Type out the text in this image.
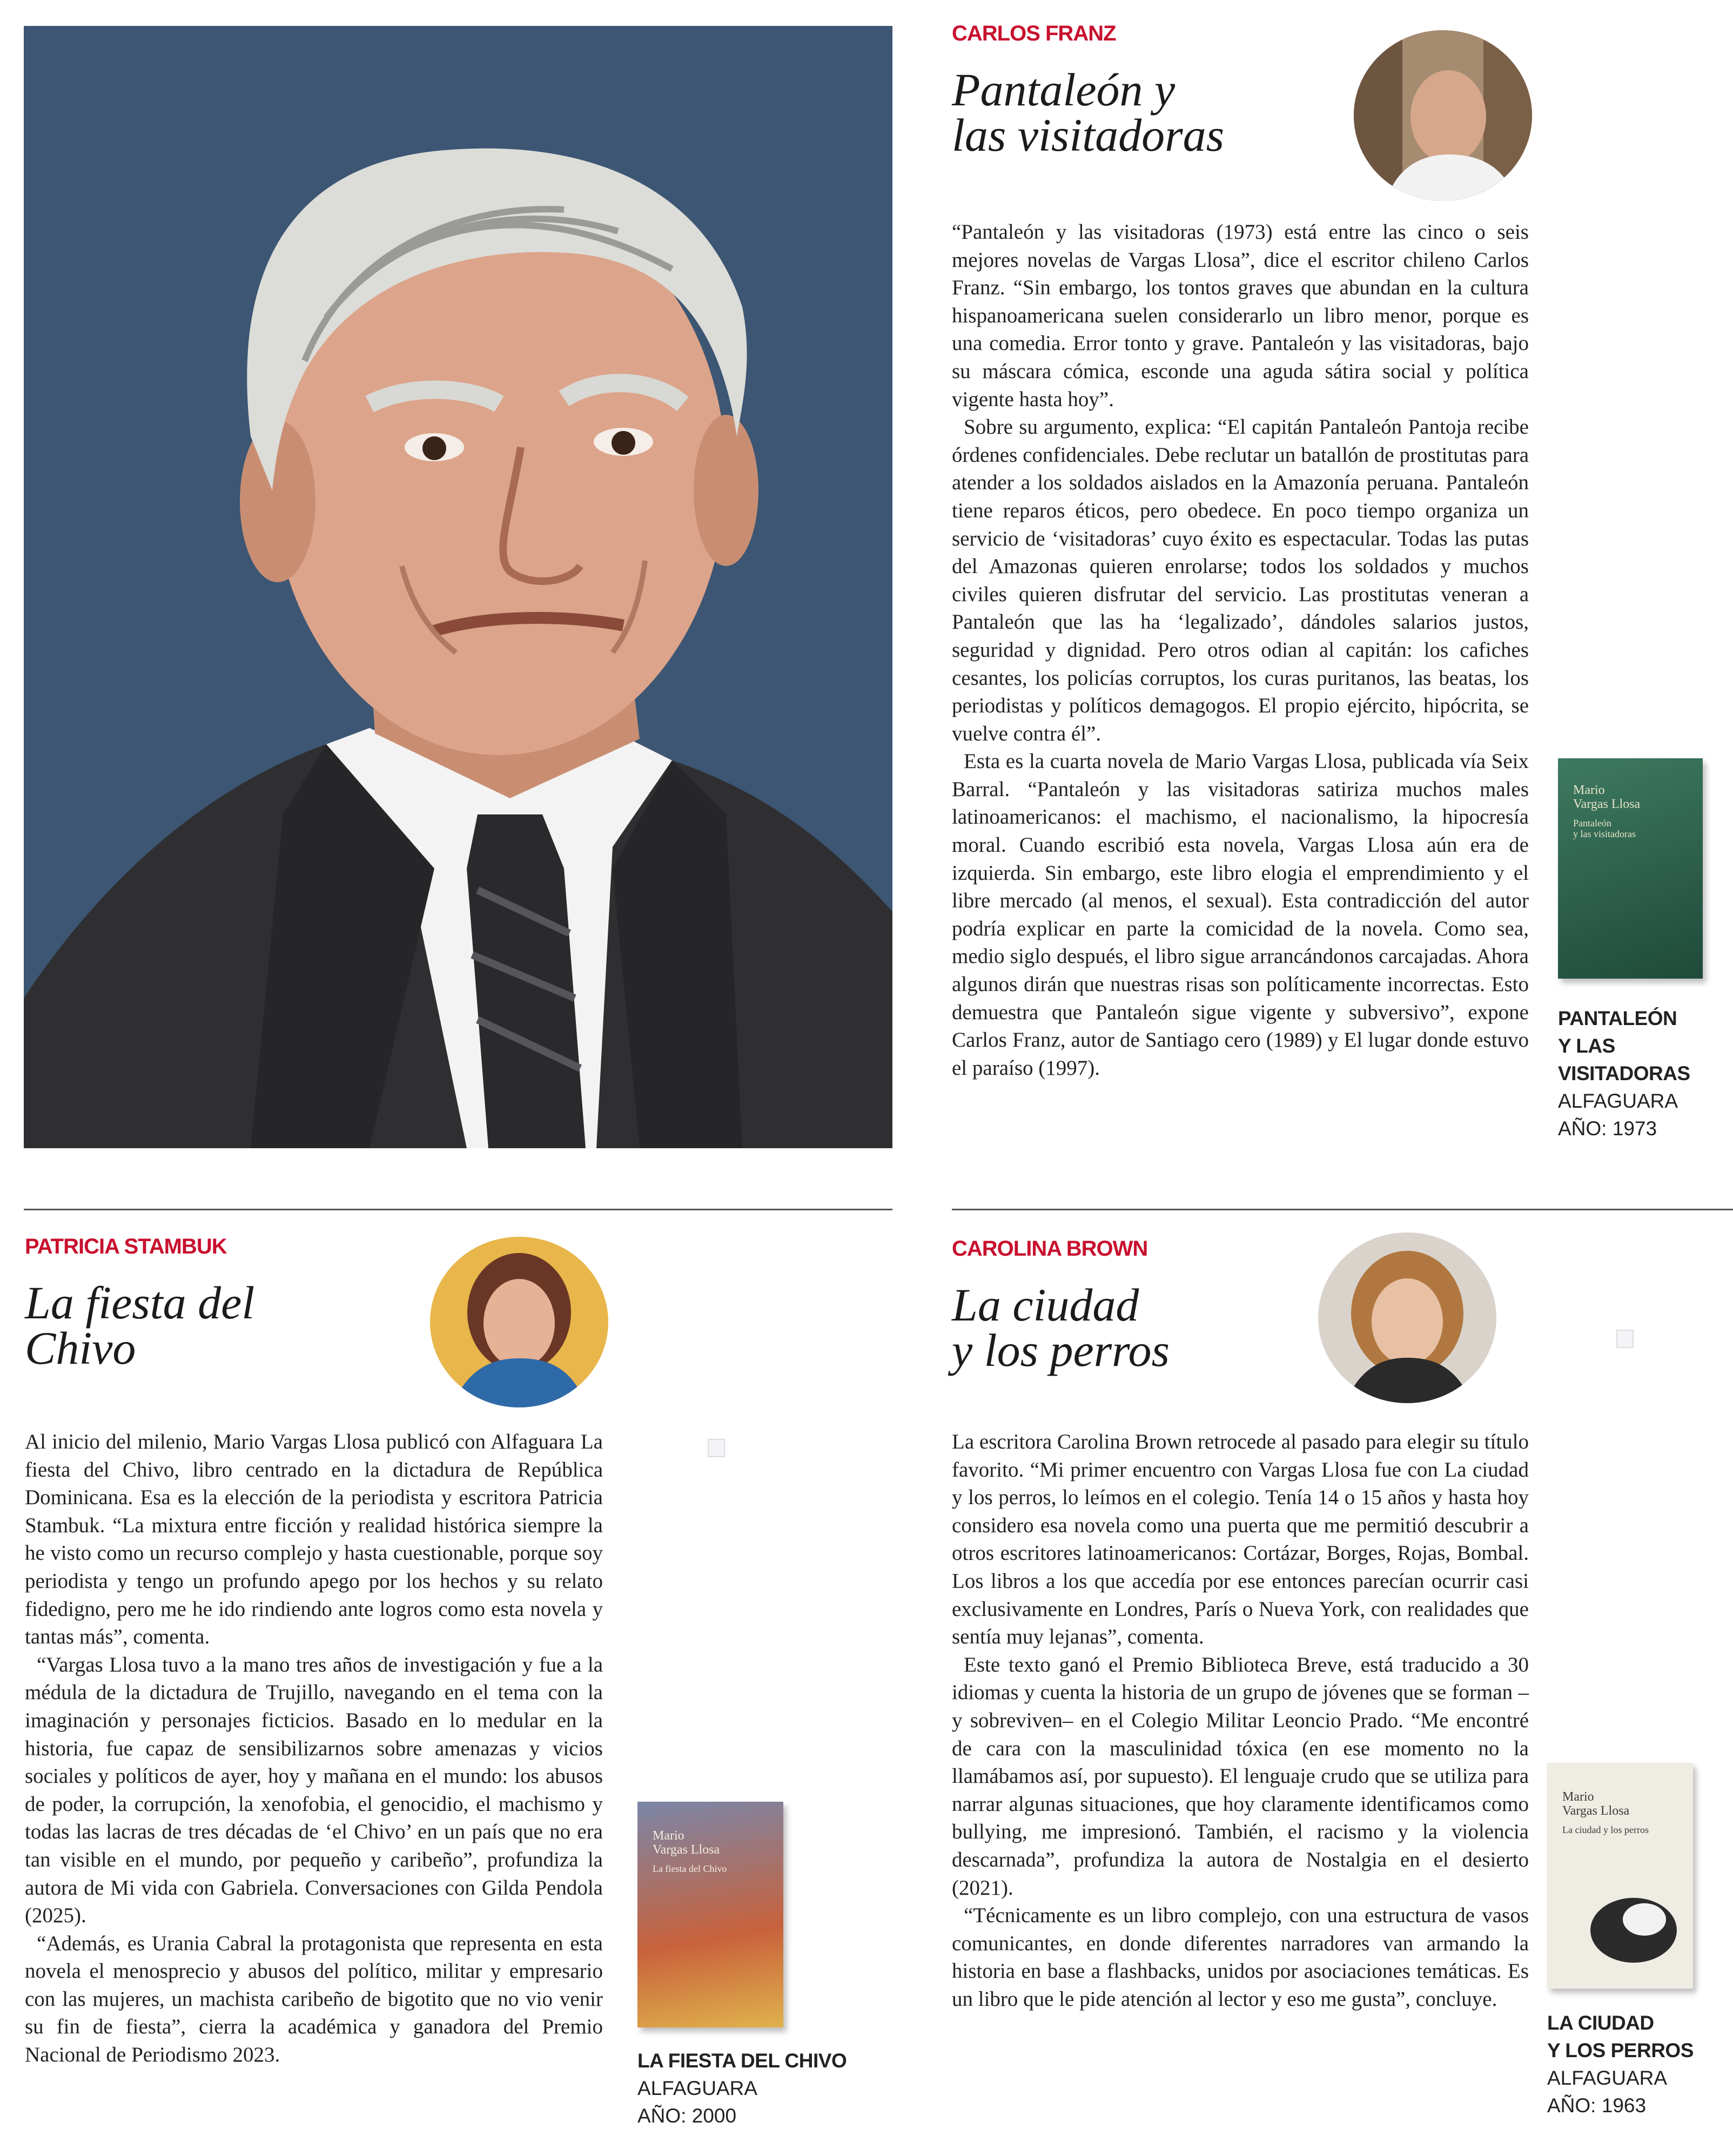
CARLOS FRANZ
Pantaleón y
las visitadoras

“Pantaleón y las visitadoras (1973) está entre las cinco o seis mejores novelas de Vargas Llosa”, dice el escritor chileno Carlos Franz. “Sin embargo, los tontos graves que abundan en la cultura hispanoamericana suelen considerarlo un libro menor, porque es una comedia. Error tonto y grave. Pantaleón y las visitadoras, bajo su máscara cómica, esconde una aguda sátira social y política vigente hasta hoy”.

Sobre su argumento, explica: “El capitán Pantaleón Pantoja recibe órdenes confidenciales. Debe reclutar un batallón de prostitutas para atender a los soldados aislados en la Amazonía peruana. Pantaleón tiene reparos éticos, pero obedece. En poco tiempo organiza un servicio de ‘visitadoras’ cuyo éxito es espectacular. Todas las putas del Amazonas quieren enrolarse; todos los soldados y muchos civiles quieren disfrutar del servicio. Las prostitutas veneran a Pantaleón que las ha ‘legalizado’, dándoles salarios justos, seguridad y dignidad. Pero otros odian al capitán: los cafiches cesantes, los policías corruptos, los curas puritanos, las beatas, los periodistas y políticos demagogos. El propio ejército, hipócrita, se vuelve contra él”.

Esta es la cuarta novela de Mario Vargas Llosa, publicada vía Seix Barral. “Pantaleón y las visitadoras satiriza muchos males latinoamericanos: el machismo, el nacionalismo, la hipocresía moral. Cuando escribió esta novela, Vargas Llosa aún era de izquierda. Sin embargo, este libro elogia el emprendimiento y el libre mercado (al menos, el sexual). Esta contradicción del autor podría explicar en parte la comicidad de la novela. Como sea, medio siglo después, el libro sigue arrancándonos carcajadas. Ahora algunos dirán que nuestras risas son políticamente incorrectas. Esto demuestra que Pantaleón sigue vigente y subversivo”, expone Carlos Franz, autor de Santiago cero (1989) y El lugar donde estuvo el paraíso (1997).

Mario
Vargas Llosa
Pantaleón
y las visitadoras
PANTALEÓN
Y LAS
VISITADORAS
ALFAGUARA
AÑO: 1973
PATRICIA STAMBUK
La fiesta del
Chivo

Al inicio del milenio, Mario Vargas Llosa publicó con Alfaguara La fiesta del Chivo, libro centrado en la dictadura de República Dominicana. Esa es la elección de la periodista y escritora Patricia Stambuk. “La mixtura entre ficción y realidad histórica siempre la he visto como un recurso complejo y hasta cuestionable, porque soy periodista y tengo un profundo apego por los hechos y su relato fidedigno, pero me he ido rindiendo ante logros como esta novela y tantas más”, comenta.

“Vargas Llosa tuvo a la mano tres años de investigación y fue a la médula de la dictadura de Trujillo, navegando en el tema con la imaginación y personajes ficticios. Basado en lo medular en la historia, fue capaz de sensibilizarnos sobre amenazas y vicios sociales y políticos de ayer, hoy y mañana en el mundo: los abusos de poder, la corrupción, la xenofobia, el genocidio, el machismo y todas las lacras de tres décadas de ‘el Chivo’ en un país que no era tan visible en el mundo, por pequeño y caribeño”, profundiza la autora de Mi vida con Gabriela. Conversaciones con Gilda Pendola (2025).

“Además, es Urania Cabral la protagonista que representa en esta novela el menosprecio y abusos del político, militar y empresario con las mujeres, un machista caribeño de bigotito que no vio venir su fin de fiesta”, cierra la académica y ganadora del Premio Nacional de Periodismo 2023.

Mario
Vargas Llosa
La fiesta del Chivo
LA FIESTA DEL CHIVO
ALFAGUARA
AÑO: 2000
CAROLINA BROWN
La ciudad
y los perros

La escritora Carolina Brown retrocede al pasado para elegir su título favorito. “Mi primer encuentro con Vargas Llosa fue con La ciudad y los perros, lo leímos en el colegio. Tenía 14 o 15 años y hasta hoy considero esa novela como una puerta que me permitió descubrir a otros escritores latinoamericanos: Cortázar, Borges, Rojas, Bombal. Los libros a los que accedía por ese entonces parecían ocurrir casi exclusivamente en Londres, París o Nueva York, con realidades que sentía muy lejanas”, comenta.

Este texto ganó el Premio Biblioteca Breve, está traducido a 30 idiomas y cuenta la historia de un grupo de jóvenes que se forman –y sobreviven– en el Colegio Militar Leoncio Prado. “Me encontré de cara con la masculinidad tóxica (en ese momento no la llamábamos así, por supuesto). El lenguaje crudo que se utiliza para narrar algunas situaciones, que hoy claramente identificamos como bullying, me impresionó. También, el racismo y la violencia descarnada”, profundiza la autora de Nostalgia en el desierto (2021).

“Técnicamente es un libro complejo, con una estructura de vasos comunicantes, en donde diferentes narradores van armando la historia en base a flashbacks, unidos por asociaciones temáticas. Es un libro que le pide atención al lector y eso me gusta”, concluye.

Mario
Vargas Llosa
La ciudad y los perros
LA CIUDAD
Y LOS PERROS
ALFAGUARA
AÑO: 1963
